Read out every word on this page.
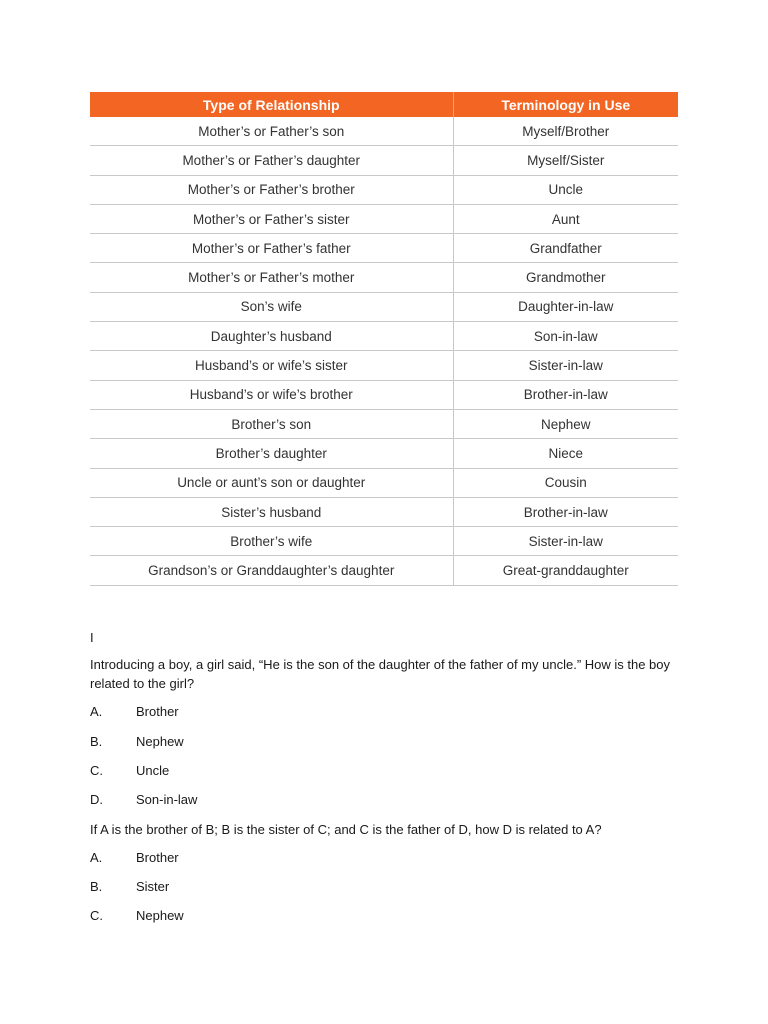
Type of Relationship	Terminology in Use
Mother’s or Father’s son	Myself/Brother
Mother’s or Father’s daughter	Myself/Sister
Mother’s or Father’s brother	Uncle
Mother’s or Father’s sister	Aunt
Mother’s or Father’s father	Grandfather
Mother’s or Father’s mother	Grandmother
Son’s wife	Daughter-in-law
Daughter’s husband	Son-in-law
Husband’s or wife’s sister	Sister-in-law
Husband’s or wife’s brother	Brother-in-law
Brother’s son	Nephew
Brother’s daughter	Niece
Uncle or aunt’s son or daughter	Cousin
Sister’s husband	Brother-in-law
Brother’s wife	Sister-in-law
Grandson’s or Granddaughter’s daughter	Great-granddaughter
I
Introducing a boy, a girl said, “He is the son of the daughter of the father of my uncle.” How is the boy related to the girl?
A.	Brother
B.	Nephew
C.	Uncle
D.	Son-in-law
If A is the brother of B; B is the sister of C; and C is the father of D, how D is related to A?
A.	Brother
B.	Sister
C.	Nephew
